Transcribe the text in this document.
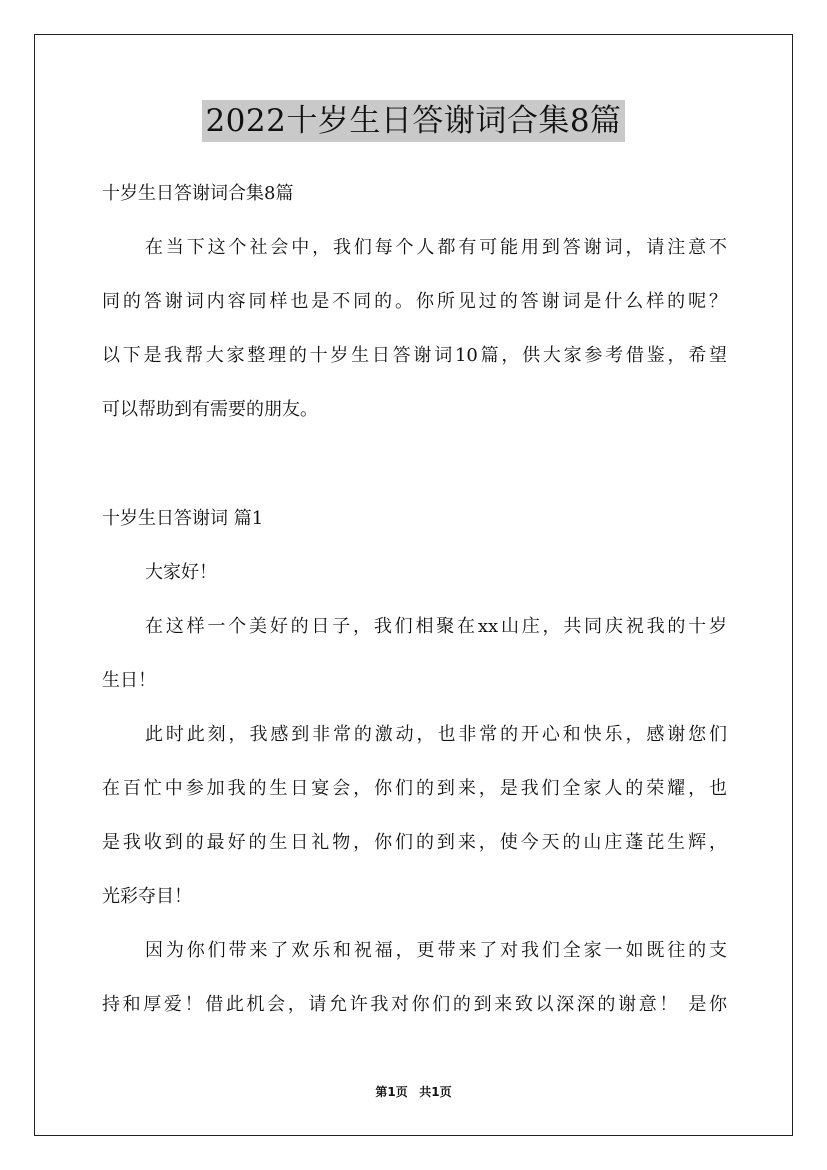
2022十岁生日答谢词合集8篇
十岁生日答谢词合集8篇
在当下这个社会中，我们每个人都有可能用到答谢词，请注意不
同的答谢词内容同样也是不同的。你所见过的答谢词是什么样的呢？
以下是我帮大家整理的十岁生日答谢词10篇，供大家参考借鉴，希望
可以帮助到有需要的朋友。
十岁生日答谢词 篇1
大家好！
在这样一个美好的日子，我们相聚在xx山庄，共同庆祝我的十岁
生日！
此时此刻，我感到非常的激动，也非常的开心和快乐，感谢您们
在百忙中参加我的生日宴会，你们的到来，是我们全家人的荣耀，也
是我收到的最好的生日礼物，你们的到来，使今天的山庄蓬芘生辉，
光彩夺目！
因为你们带来了欢乐和祝福，更带来了对我们全家一如既往的支
持和厚爱！借此机会，请允许我对你们的到来致以深深的谢意！ 是你
第1页 共1页
